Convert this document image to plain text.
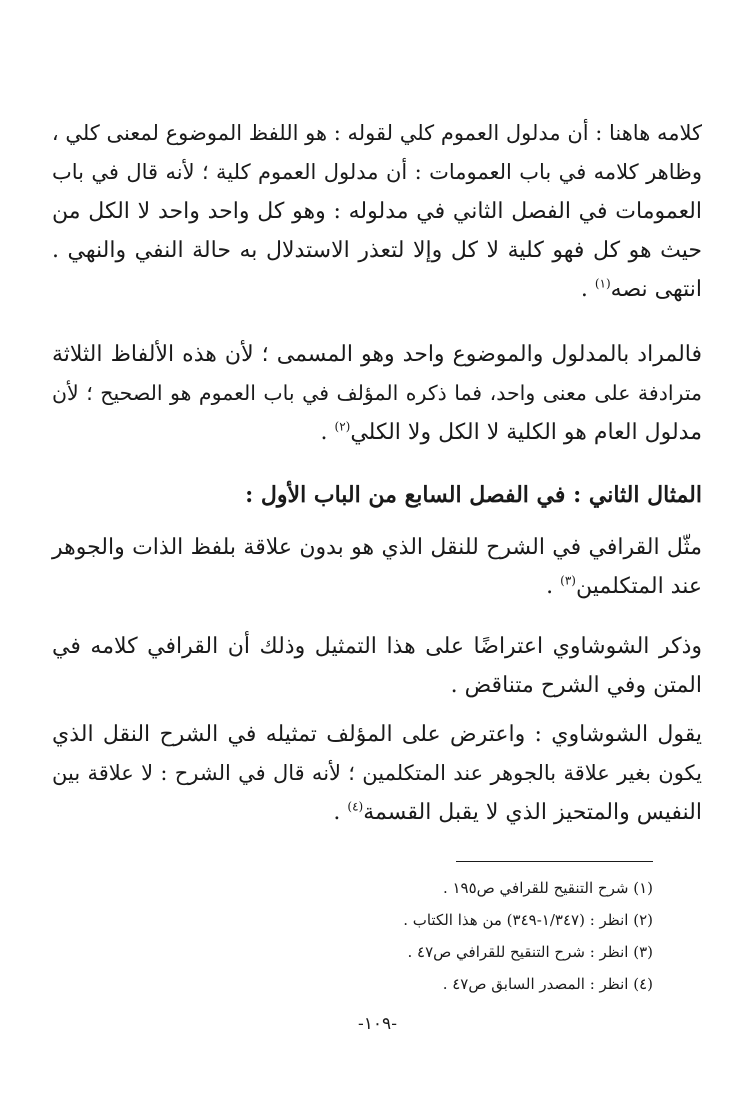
كلامه هاهنا : أن مدلول العموم كلي لقوله : هو اللفظ الموضوع لمعنى كلي ،
وظاهر كلامه في باب العمومات : أن مدلول العموم كلية ؛ لأنه قال في باب
العمومات في الفصل الثاني في مدلوله : وهو كل واحد واحد لا الكل من
حيث هو كل فهو كلية لا كل وإلا لتعذر الاستدلال به حالة النفي والنهي .
انتهى نصه$^{(١)}$ .
فالمراد بالمدلول والموضوع واحد وهو المسمى ؛ لأن هذه الألفاظ الثلاثة
مترادفة على معنى واحد، فما ذكره المؤلف في باب العموم هو الصحيح ؛ لأن
مدلول العام هو الكلية لا الكل ولا الكلي$^{(٢)}$ .
المثال الثاني : في الفصل السابع من الباب الأول :
مثّل القرافي في الشرح للنقل الذي هو بدون علاقة بلفظ الذات والجوهر
عند المتكلمين$^{(٣)}$ .
وذكر الشوشاوي اعتراضًا على هذا التمثيل وذلك أن القرافي كلامه في
المتن وفي الشرح متناقض .
يقول الشوشاوي : واعترض على المؤلف تمثيله في الشرح النقل الذي
يكون بغير علاقة بالجوهر عند المتكلمين ؛ لأنه قال في الشرح : لا علاقة بين
النفيس والمتحيز الذي لا يقبل القسمة$^{(٤)}$ .
(١) شرح التنقيح للقرافي ص١٩٥ .
(٢) انظر : (١/٣٤٧-٣٤٩) من هذا الكتاب .
(٣) انظر : شرح التنقيح للقرافي ص٤٧ .
(٤) انظر : المصدر السابق ص٤٧ .
-١٠٩-
